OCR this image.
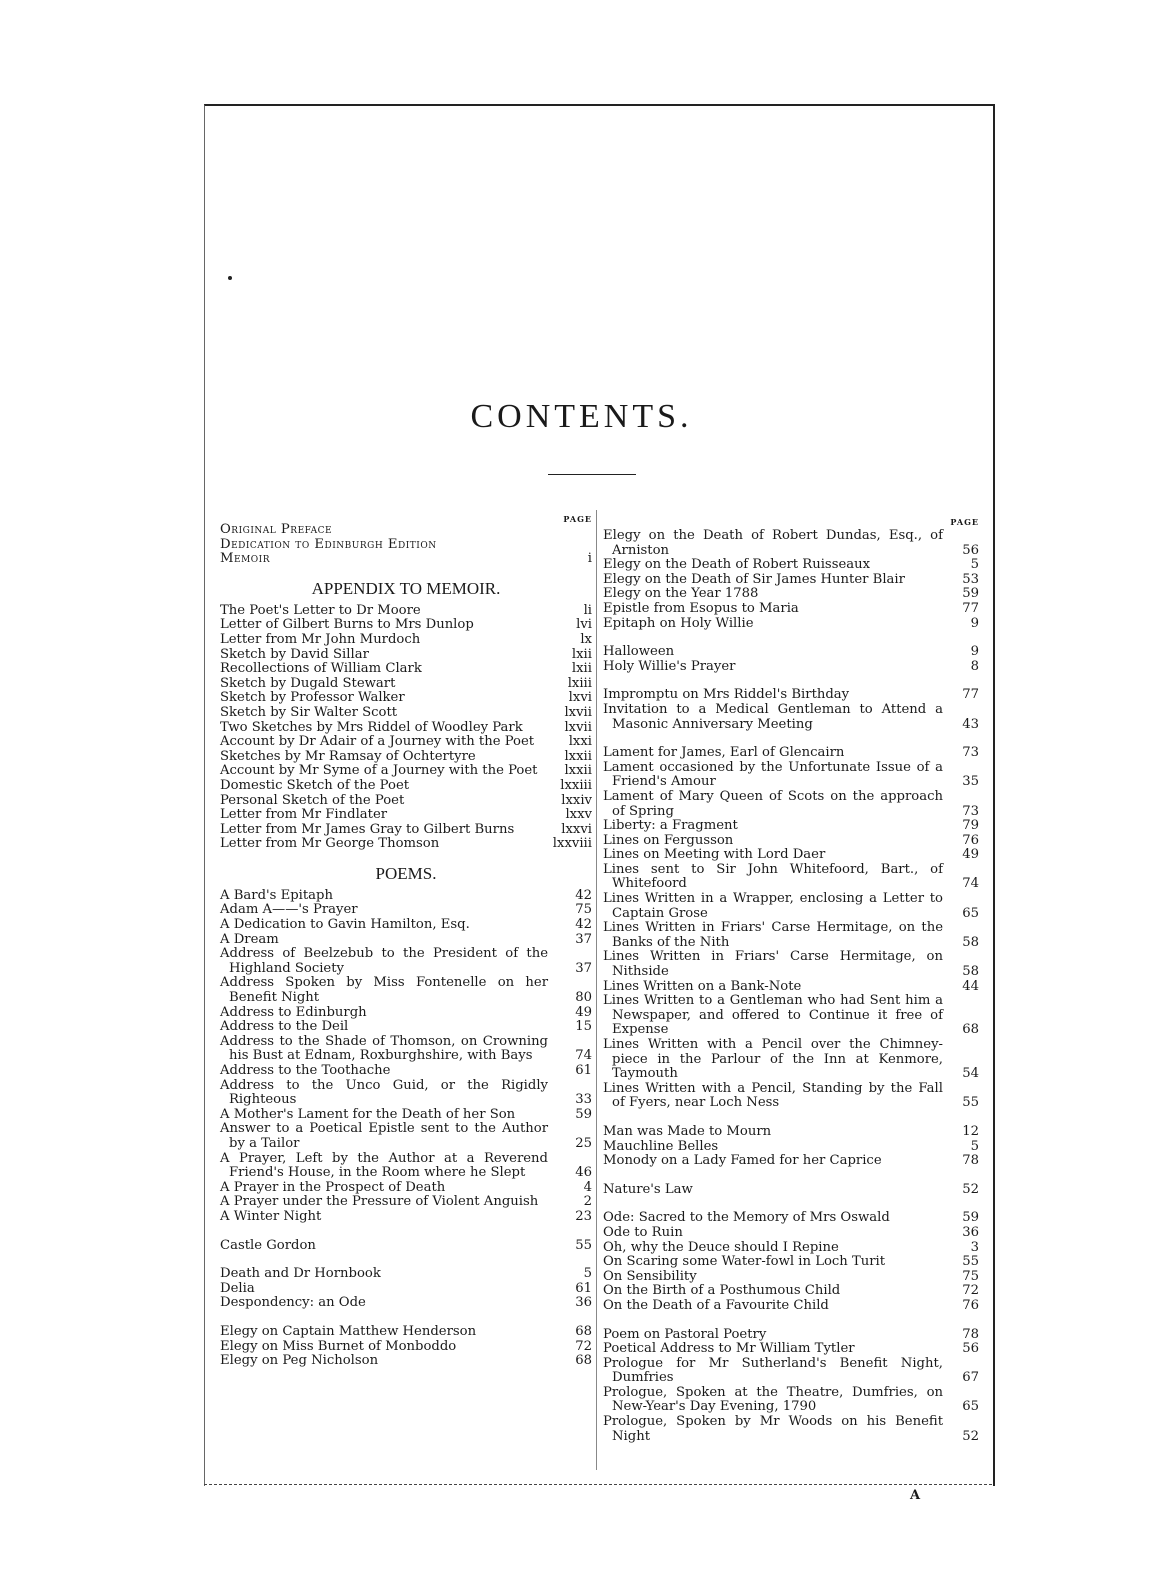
CONTENTS.
PAGE
Original Preface
Dedication to Edinburgh Edition
Memoir	i
APPENDIX TO MEMOIR.
The Poet's Letter to Dr Moore	li
Letter of Gilbert Burns to Mrs Dunlop	lvi
Letter from Mr John Murdoch	lx
Sketch by David Sillar	lxii
Recollections of William Clark	lxii
Sketch by Dugald Stewart	lxiii
Sketch by Professor Walker	lxvi
Sketch by Sir Walter Scott	lxvii
Two Sketches by Mrs Riddel of Woodley Park	lxvii
Account by Dr Adair of a Journey with the Poet	lxxi
Sketches by Mr Ramsay of Ochtertyre	lxxii
Account by Mr Syme of a Journey with the Poet	lxxii
Domestic Sketch of the Poet	lxxiii
Personal Sketch of the Poet	lxxiv
Letter from Mr Findlater	lxxv
Letter from Mr James Gray to Gilbert Burns	lxxvi
Letter from Mr George Thomson	lxxviii
POEMS.
A Bard's Epitaph	42
Adam A——'s Prayer	75
A Dedication to Gavin Hamilton, Esq.	42
A Dream	37
Address of Beelzebub to the President of the Highland Society	37
Address Spoken by Miss Fontenelle on her Benefit Night	80
Address to Edinburgh	49
Address to the Deil	15
Address to the Shade of Thomson, on Crowning his Bust at Ednam, Roxburghshire, with Bays	74
Address to the Toothache	61
Address to the Unco Guid, or the Rigidly Righteous	33
A Mother's Lament for the Death of her Son	59
Answer to a Poetical Epistle sent to the Author by a Tailor	25
A Prayer, Left by the Author at a Reverend Friend's House, in the Room where he Slept	46
A Prayer in the Prospect of Death	4
A Prayer under the Pressure of Violent Anguish	2
A Winter Night	23
Castle Gordon	55
Death and Dr Hornbook	5
Delia	61
Despondency: an Ode	36
Elegy on Captain Matthew Henderson	68
Elegy on Miss Burnet of Monboddo	72
Elegy on Peg Nicholson	68
PAGE
Elegy on the Death of Robert Dundas, Esq., of Arniston	56
Elegy on the Death of Robert Ruisseaux	5
Elegy on the Death of Sir James Hunter Blair	53
Elegy on the Year 1788	59
Epistle from Esopus to Maria	77
Epitaph on Holy Willie	9
Halloween	9
Holy Willie's Prayer	8
Impromptu on Mrs Riddel's Birthday	77
Invitation to a Medical Gentleman to Attend a Masonic Anniversary Meeting	43
Lament for James, Earl of Glencairn	73
Lament occasioned by the Unfortunate Issue of a Friend's Amour	35
Lament of Mary Queen of Scots on the approach of Spring	73
Liberty: a Fragment	79
Lines on Fergusson	76
Lines on Meeting with Lord Daer	49
Lines sent to Sir John Whitefoord, Bart., of Whitefoord	74
Lines Written in a Wrapper, enclosing a Letter to Captain Grose	65
Lines Written in Friars' Carse Hermitage, on the Banks of the Nith	58
Lines Written in Friars' Carse Hermitage, on Nithside	58
Lines Written on a Bank-Note	44
Lines Written to a Gentleman who had Sent him a Newspaper, and offered to Continue it free of Expense	68
Lines Written with a Pencil over the Chimney-piece in the Parlour of the Inn at Kenmore, Taymouth	54
Lines Written with a Pencil, Standing by the Fall of Fyers, near Loch Ness	55
Man was Made to Mourn	12
Mauchline Belles	5
Monody on a Lady Famed for her Caprice	78
Nature's Law	52
Ode: Sacred to the Memory of Mrs Oswald	59
Ode to Ruin	36
Oh, why the Deuce should I Repine	3
On Scaring some Water-fowl in Loch Turit	55
On Sensibility	75
On the Birth of a Posthumous Child	72
On the Death of a Favourite Child	76
Poem on Pastoral Poetry	78
Poetical Address to Mr William Tytler	56
Prologue for Mr Sutherland's Benefit Night, Dumfries	67
Prologue, Spoken at the Theatre, Dumfries, on New-Year's Day Evening, 1790	65
Prologue, Spoken by Mr Woods on his Benefit Night	52
A
